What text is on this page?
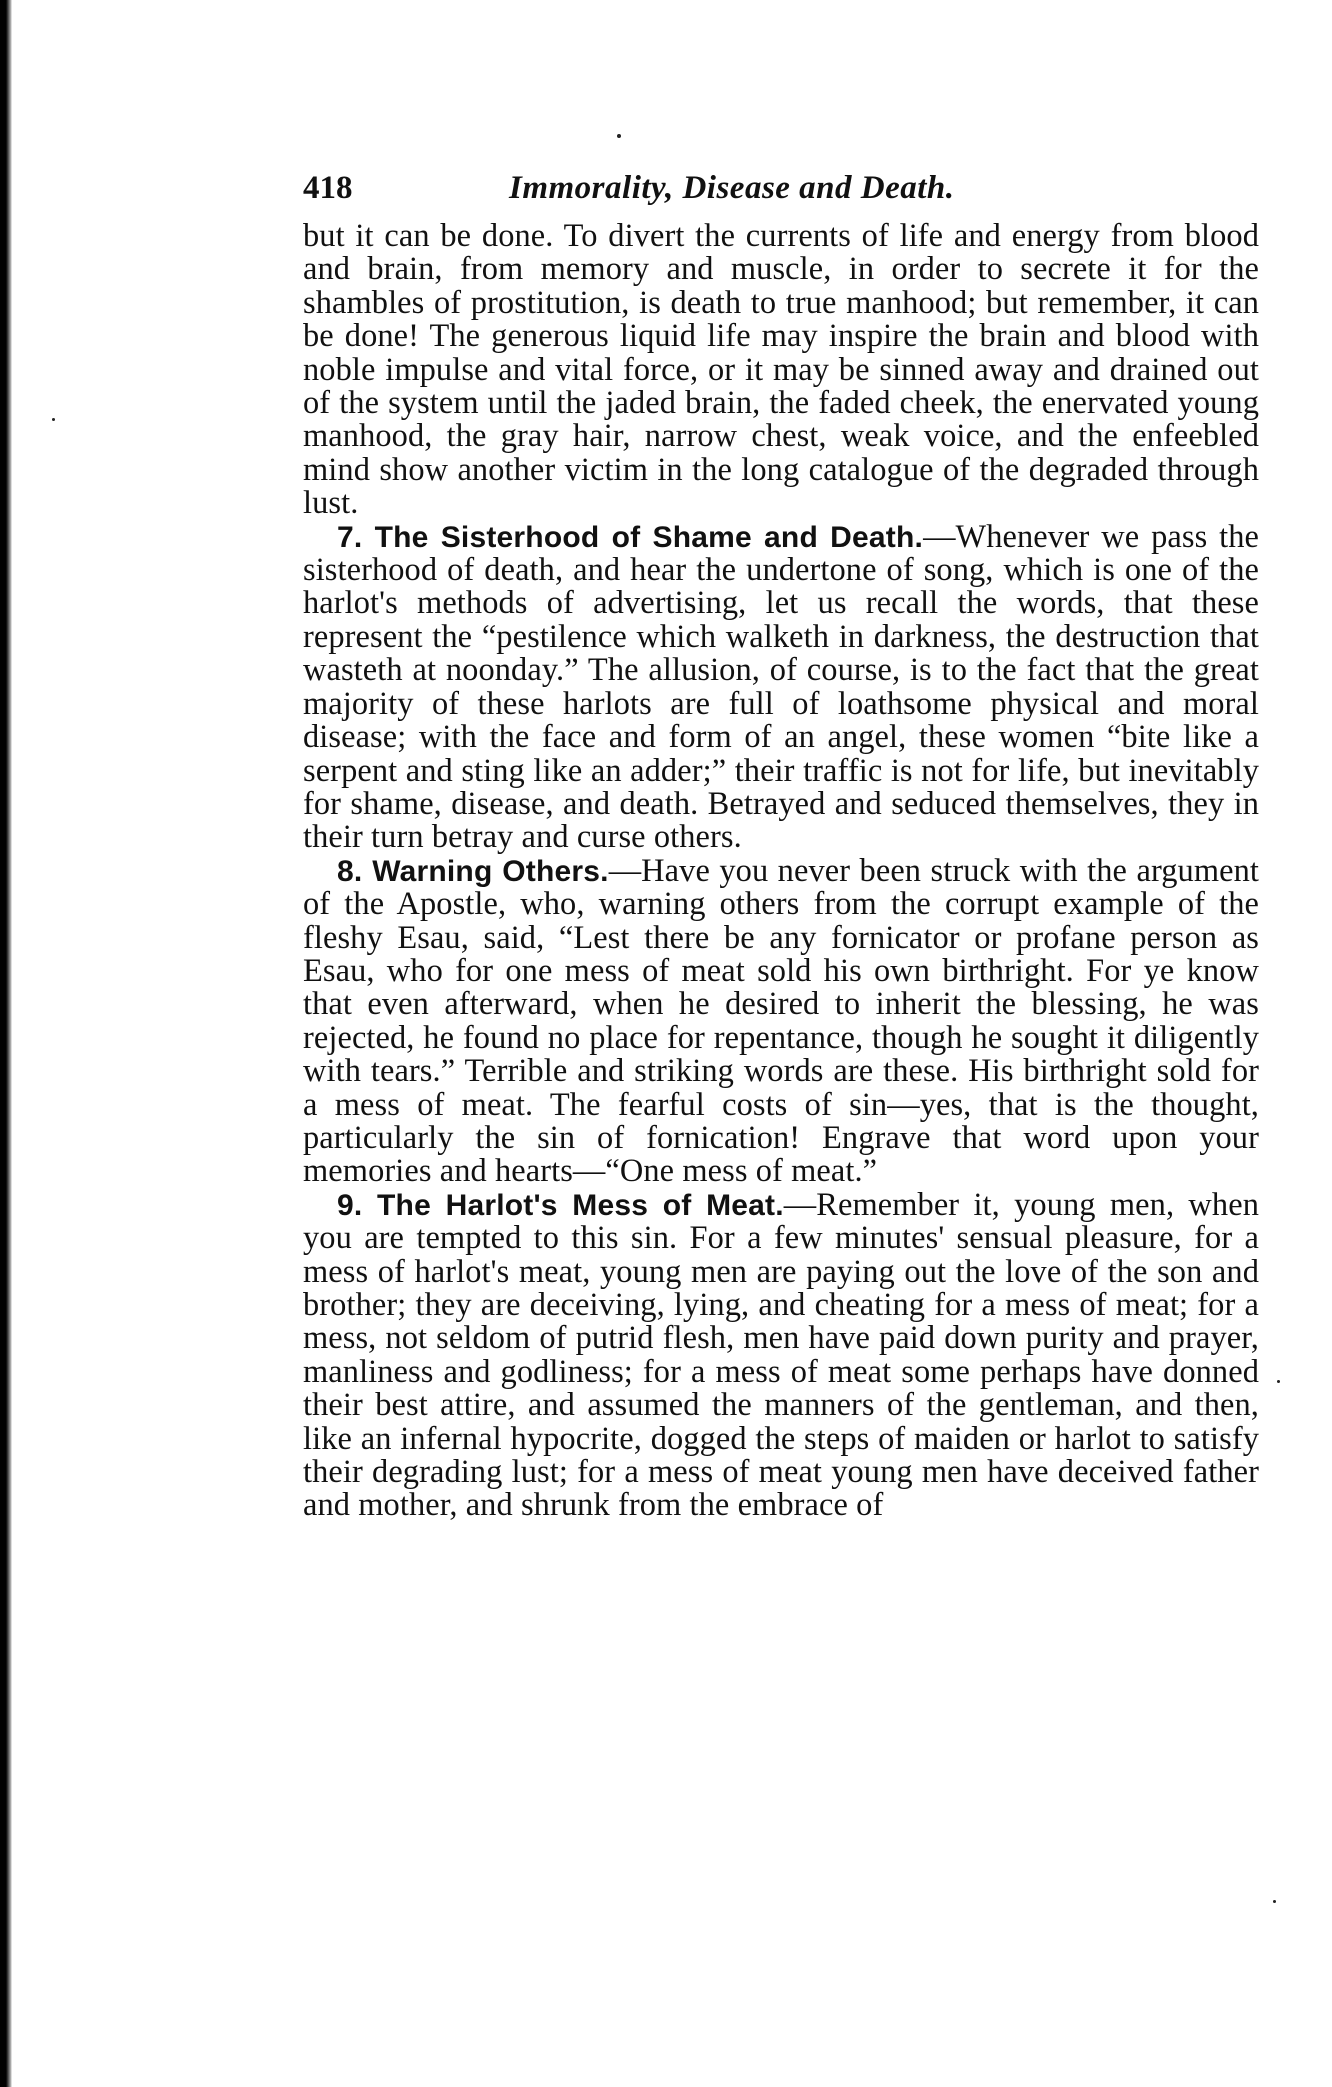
418	Immorality, Disease and Death.

but it can be done. To divert the currents of life and energy from blood and brain, from memory and muscle, in order to secrete it for the shambles of prostitution, is death to true manhood; but remember, it can be done! The generous liquid life may inspire the brain and blood with noble impulse and vital force, or it may be sinned away and drained out of the system until the jaded brain, the faded cheek, the enervated young manhood, the gray hair, narrow chest, weak voice, and the enfeebled mind show another victim in the long catalogue of the degraded through lust.

7. The Sisterhood of Shame and Death.—Whenever we pass the sisterhood of death, and hear the undertone of song, which is one of the harlot's methods of advertising, let us recall the words, that these represent the “pestilence which walketh in darkness, the destruction that wasteth at noonday.” The allusion, of course, is to the fact that the great majority of these harlots are full of loathsome physical and moral disease; with the face and form of an angel, these women “bite like a serpent and sting like an adder;” their traffic is not for life, but inevitably for shame, disease, and death. Betrayed and seduced themselves, they in their turn betray and curse others.

8. Warning Others.—Have you never been struck with the argument of the Apostle, who, warning others from the corrupt example of the fleshy Esau, said, “Lest there be any fornicator or profane person as Esau, who for one mess of meat sold his own birthright. For ye know that even afterward, when he desired to inherit the blessing, he was rejected, he found no place for repentance, though he sought it diligently with tears.” Terrible and striking words are these. His birthright sold for a mess of meat. The fearful costs of sin—yes, that is the thought, particularly the sin of fornication! Engrave that word upon your memories and hearts—“One mess of meat.”

9. The Harlot's Mess of Meat.—Remember it, young men, when you are tempted to this sin. For a few minutes' sensual pleasure, for a mess of harlot's meat, young men are paying out the love of the son and brother; they are deceiving, lying, and cheating for a mess of meat; for a mess, not seldom of putrid flesh, men have paid down purity and prayer, manliness and godliness; for a mess of meat some perhaps have donned their best attire, and assumed the manners of the gentleman, and then, like an infernal hypocrite, dogged the steps of maiden or harlot to satisfy their degrading lust; for a mess of meat young men have deceived father and mother, and shrunk from the embrace of
